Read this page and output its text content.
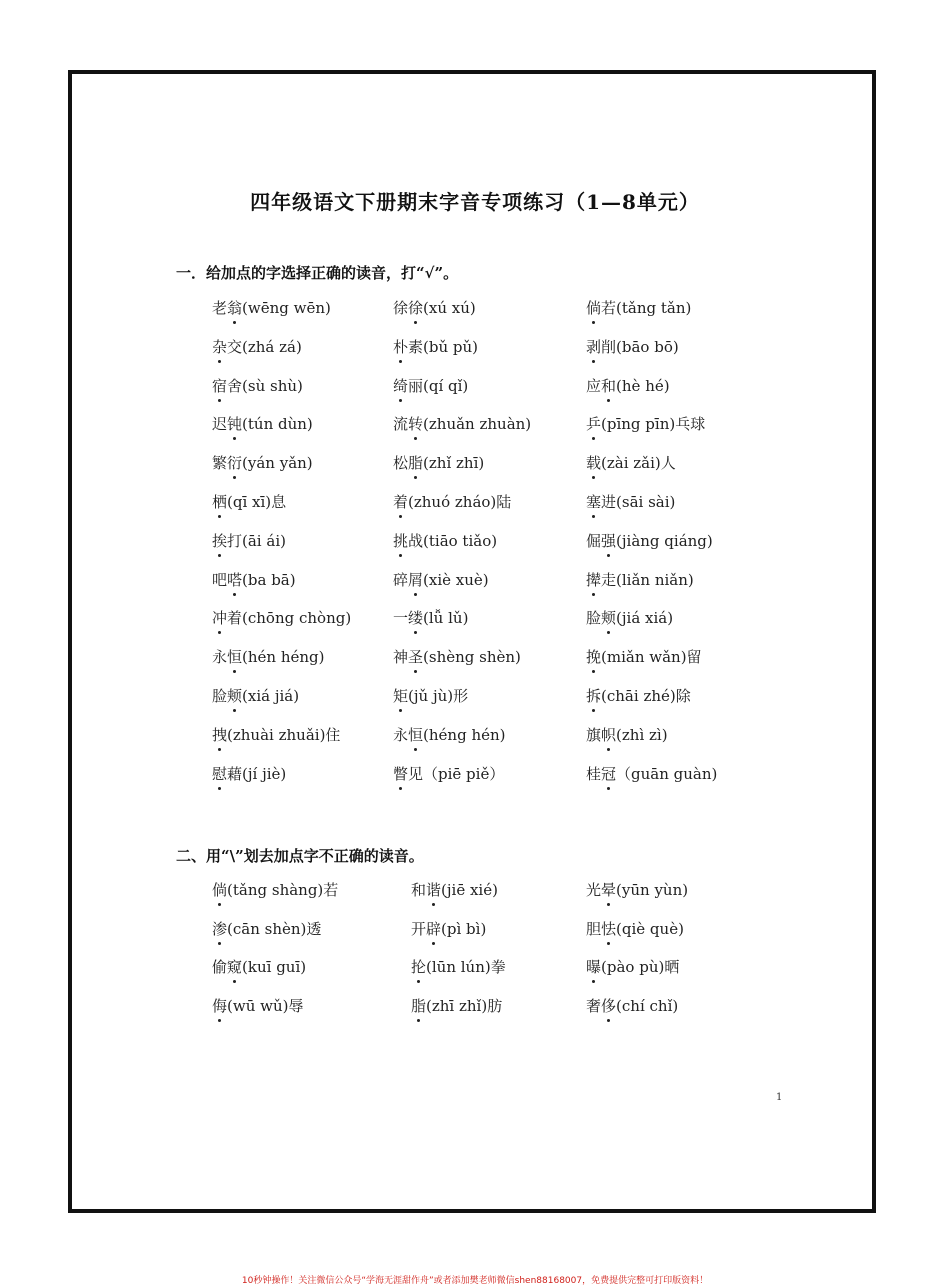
四年级语文下册期末字音专项练习（1—8单元）
一．给加点的字选择正确的读音，打“√”。
老翁(wēng wēn)	徐徐(xú xú)	倘若(tǎng tǎn)
杂交(zhá zá)	朴素(bǔ pǔ)	剥削(bāo bō)
宿舍(sù shù)	绮丽(qí qǐ)	应和(hè hé)
迟钝(tún dùn)	流转(zhuǎn zhuàn)	乒(pīng pīn)乓球
繁衍(yán yǎn)	松脂(zhǐ zhī)	载(zài zǎi)人
栖(qī xī)息	着(zhuó zháo)陆	塞进(sāi sài)
挨打(āi ái)	挑战(tiāo tiǎo)	倔强(jiàng qiáng)
吧嗒(ba bā)	碎屑(xiè xuè)	撵走(liǎn niǎn)
冲着(chōng chòng)	一缕(lǚ lǔ)	脸颊(jiá xiá)
永恒(hén héng)	神圣(shèng shèn)	挽(miǎn wǎn)留
脸颊(xiá jiá)	矩(jǔ jù)形	拆(chāi zhé)除
拽(zhuài zhuǎi)住	永恒(héng hén)	旗帜(zhì zì)
慰藉(jí jiè)	瞥见（piē piě）	桂冠（guān guàn)
二、用“\”划去加点字不正确的读音。
倘(tǎng shàng)若	和谐(jiē xié)	光晕(yūn yùn)
渗(cān shèn)透	开辟(pì bì)	胆怯(qiè què)
偷窥(kuī guī)	抡(lūn lún)拳	曝(pào pù)晒
侮(wū wǔ)辱	脂(zhī zhǐ)肪	奢侈(chí chǐ)
1
10秒钟操作！关注微信公众号“学海无涯甜作舟”或者添加樊老师微信shen88168007，免费提供完整可打印版资料！
